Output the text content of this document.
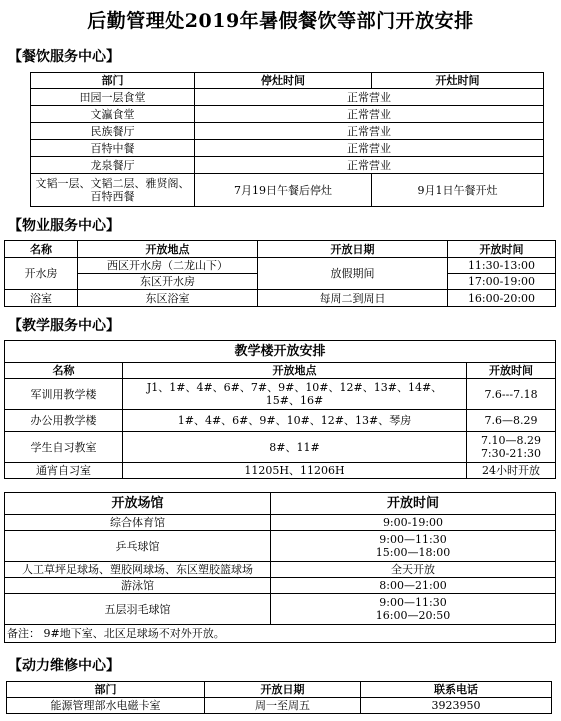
后勤管理处2019年暑假餐饮等部门开放安排
【餐饮服务中心】
部门	停灶时间	开灶时间
田园一层食堂	正常营业	
文瀛食堂	正常营业	
民族餐厅	正常营业	
百特中餐	正常营业	
龙泉餐厅	正常营业	
文韬一层、文韬二层、雅贤阁、百特西餐	7月19日午餐后停灶	9月1日午餐开灶
【物业服务中心】
名称	开放地点	开放日期	开放时间
开水房	西区开水房（二龙山下）	放假期间	11:30-13:00
	东区开水房		17:00-19:00
浴室	东区浴室	每周二到周日	16:00-20:00
【教学服务中心】
教学楼开放安排		
名称	开放地点	开放时间
军训用教学楼	J1、1#、4#、6#、7#、9#、10#、12#、13#、14#、15#、16#	7.6---7.18
办公用教学楼	1#、4#、6#、9#、10#、12#、13#、琴房	7.6—8.29
学生自习教室	8#、11#	7.10—8.29
7:30-21:30

通宵自习室	11205H、11206H	24小时开放
开放场馆	开放时间
综合体育馆	9:00-19:00
乒乓球馆	9:00—11:30
15:00—18:00

人工草坪足球场、塑胶网球场、东区塑胶篮球场	全天开放
游泳馆	8:00—21:00
五层羽毛球馆	9:00—11:30
16:00—20:50

备注： 9#地下室、北区足球场不对外开放。	
【动力维修中心】
部门	开放日期	联系电话
能源管理部水电磁卡室	周一至周五	3923950
